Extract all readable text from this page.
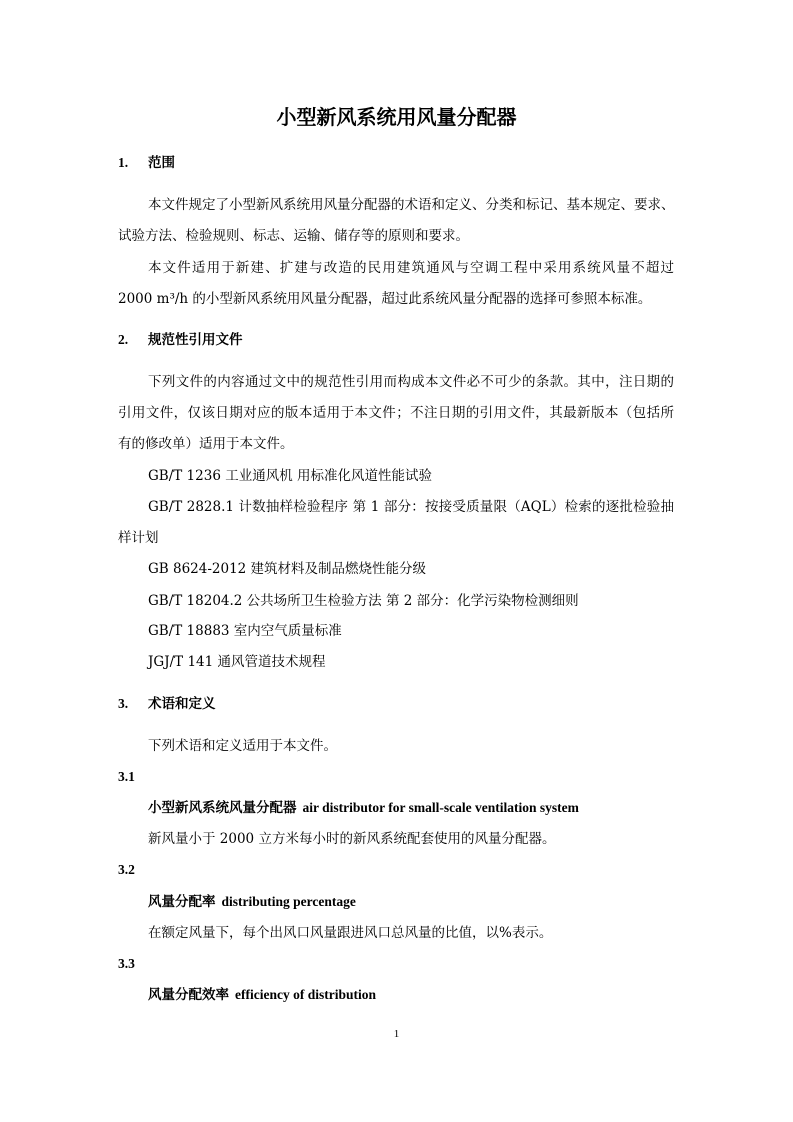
小型新风系统用风量分配器
1. 范围
本文件规定了小型新风系统用风量分配器的术语和定义、分类和标记、基本规定、要求、
试验方法、检验规则、标志、运输、储存等的原则和要求。
本文件适用于新建、扩建与改造的民用建筑通风与空调工程中采用系统风量不超过
2000 m³/h 的小型新风系统用风量分配器，超过此系统风量分配器的选择可参照本标准。
2. 规范性引用文件
下列文件的内容通过文中的规范性引用而构成本文件必不可少的条款。其中，注日期的
引用文件，仅该日期对应的版本适用于本文件；不注日期的引用文件，其最新版本（包括所
有的修改单）适用于本文件。
GB/T 1236 工业通风机 用标准化风道性能试验
GB/T 2828.1 计数抽样检验程序 第 1 部分：按接受质量限（AQL）检索的逐批检验抽
样计划
GB 8624-2012 建筑材料及制品燃烧性能分级
GB/T 18204.2 公共场所卫生检验方法 第 2 部分：化学污染物检测细则
GB/T 18883 室内空气质量标准
JGJ/T 141 通风管道技术规程
3. 术语和定义
下列术语和定义适用于本文件。
3.1
小型新风系统风量分配器 air distributor for small-scale ventilation system
新风量小于 2000 立方米每小时的新风系统配套使用的风量分配器。
3.2
风量分配率 distributing percentage
在额定风量下，每个出风口风量跟进风口总风量的比值，以%表示。
3.3
风量分配效率 efficiency of distribution
1
